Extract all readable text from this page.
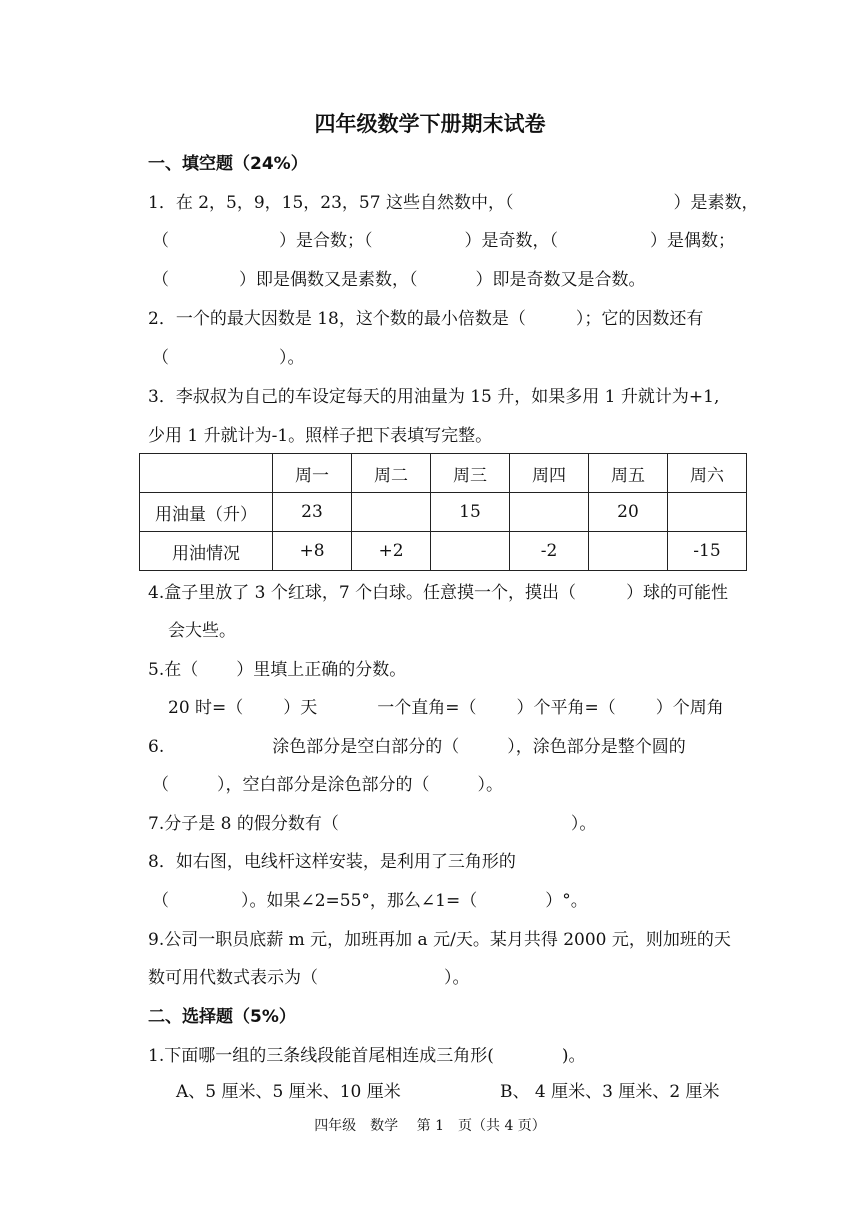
四年级数学下册期末试卷
一、填空题（24%）
1．在 2，5，9，15，23，57 这些自然数中，（	）是素数，
（	）是合数；（	）是奇数，（	）是偶数；
（	）即是偶数又是素数，（	）即是奇数又是合数。
2．一个的最大因数是 18，这个数的最小倍数是（	）；它的因数还有
（	）。
3．李叔叔为自己的车设定每天的用油量为 15 升，如果多用 1 升就计为+1,
少用 1 升就计为-1。照样子把下表填写完整。
	周一	周二	周三	周四	周五	周六
用油量（升）	23		15		20	
用油情况	+8	+2		-2		-15
4.盒子里放了 3 个红球，7 个白球。任意摸一个，摸出（	）球的可能性
会大些。
5.在（ ）里填上正确的分数。
20 时=（ ）天	一个直角=（ ）个平角=（ ）个周角
6.	涂色部分是空白部分的（	），涂色部分是整个圆的
（	），空白部分是涂色部分的（	）。
7.分子是 8 的假分数有（	）。
8．如右图，电线杆这样安装，是利用了三角形的
（	）。如果∠2=55°，那么∠1=（	）°。
9.公司一职员底薪 m 元，加班再加 a 元/天。某月共得 2000 元，则加班的天
数可用代数式表示为（	）。
二、选择题（5%）
1.下面哪一组的三条线段能首尾相连成三角形(	)。
A、5 厘米、5 厘米、10 厘米	B、 4 厘米、3 厘米、2 厘米
四年级　数学　 第 1　页（共 4 页）
